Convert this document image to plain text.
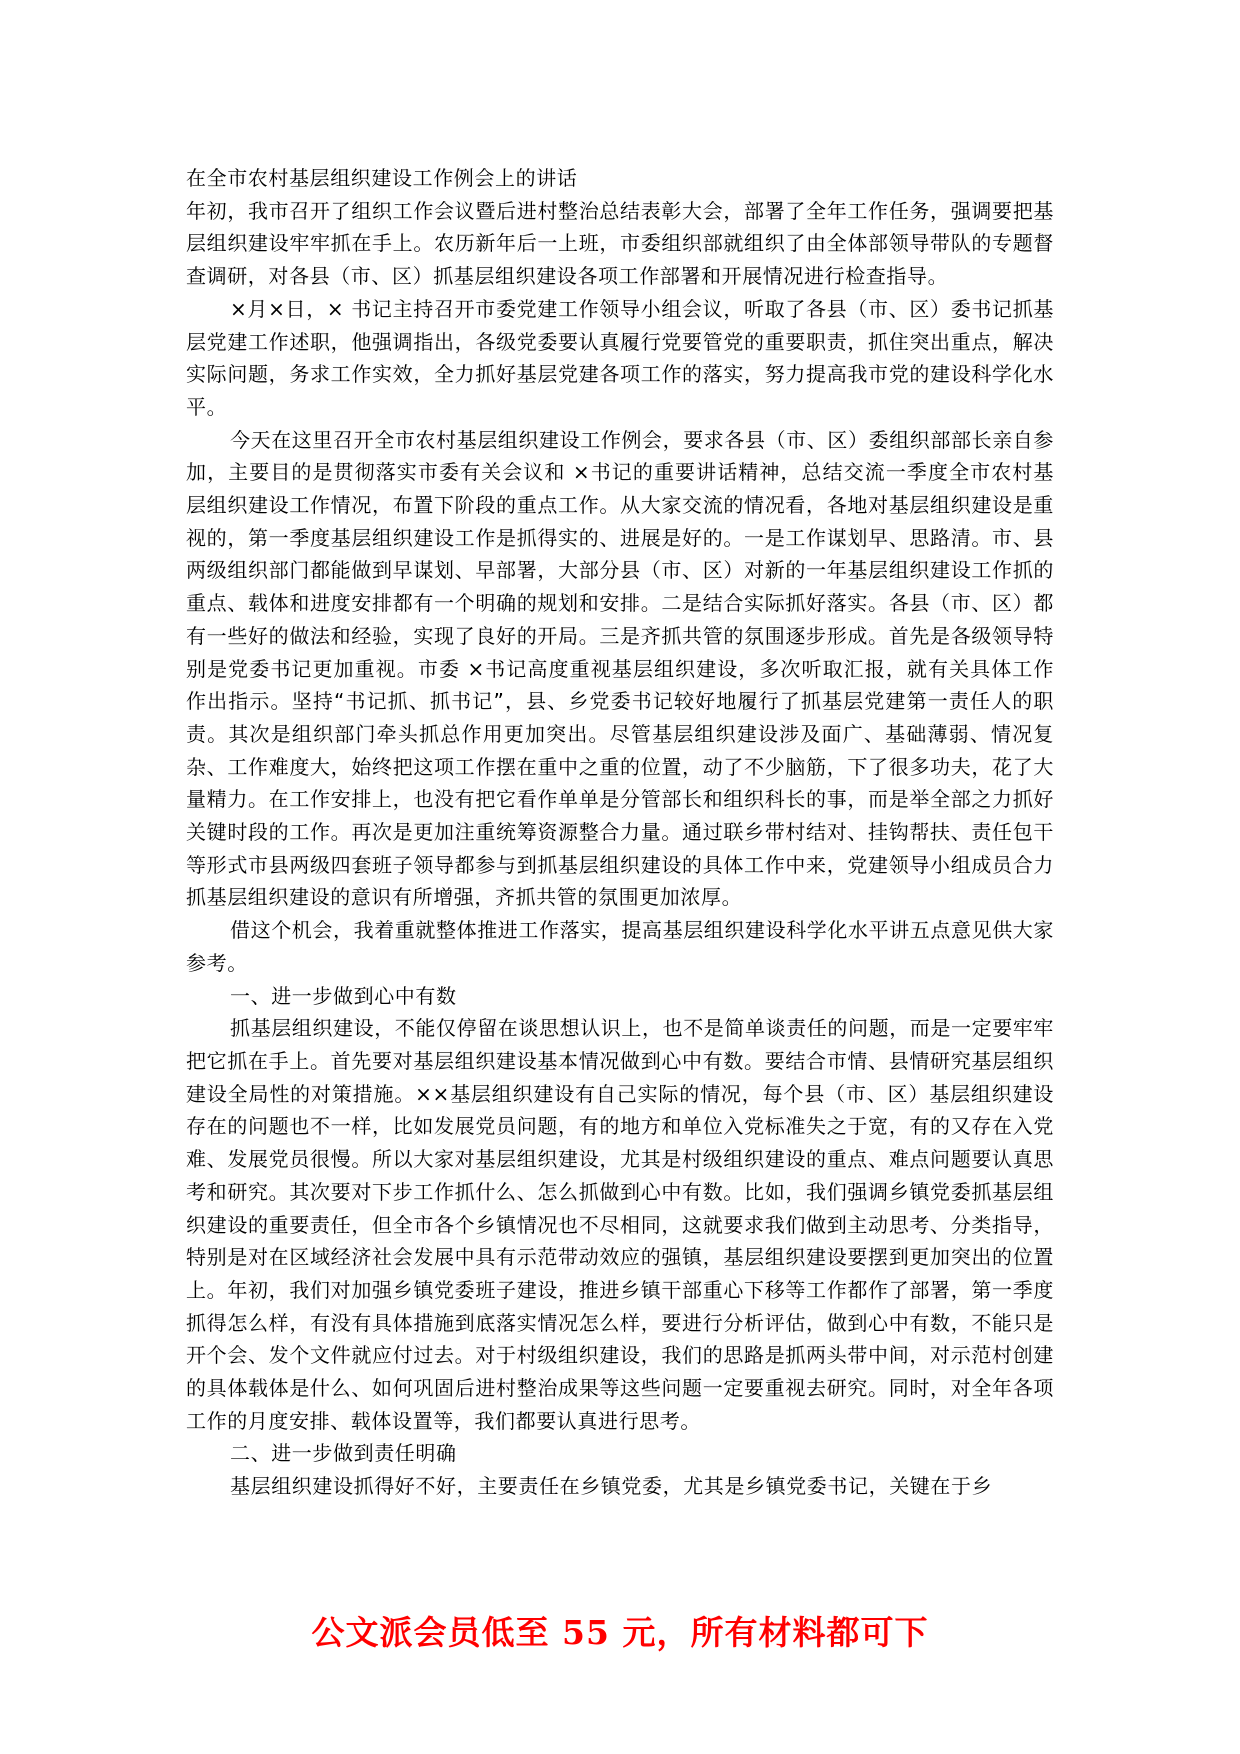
在全市农村基层组织建设工作例会上的讲话

年初，我市召开了组织工作会议暨后进村整治总结表彰大会，部署了全年工作任务，强调要把基层组织建设牢牢抓在手上。农历新年后一上班，市委组织部就组织了由全体部领导带队的专题督查调研，对各县（市、区）抓基层组织建设各项工作部署和开展情况进行检查指导。

×月×日，× 书记主持召开市委党建工作领导小组会议，听取了各县（市、区）委书记抓基层党建工作述职，他强调指出，各级党委要认真履行党要管党的重要职责，抓住突出重点，解决实际问题，务求工作实效，全力抓好基层党建各项工作的落实，努力提高我市党的建设科学化水平。

今天在这里召开全市农村基层组织建设工作例会，要求各县（市、区）委组织部部长亲自参加，主要目的是贯彻落实市委有关会议和 ×书记的重要讲话精神，总结交流一季度全市农村基层组织建设工作情况，布置下阶段的重点工作。从大家交流的情况看，各地对基层组织建设是重视的，第一季度基层组织建设工作是抓得实的、进展是好的。一是工作谋划早、思路清。市、县两级组织部门都能做到早谋划、早部署，大部分县（市、区）对新的一年基层组织建设工作抓的重点、载体和进度安排都有一个明确的规划和安排。二是结合实际抓好落实。各县（市、区）都有一些好的做法和经验，实现了良好的开局。三是齐抓共管的氛围逐步形成。首先是各级领导特别是党委书记更加重视。市委 ×书记高度重视基层组织建设，多次听取汇报，就有关具体工作作出指示。坚持“书记抓、抓书记”，县、乡党委书记较好地履行了抓基层党建第一责任人的职责。其次是组织部门牵头抓总作用更加突出。尽管基层组织建设涉及面广、基础薄弱、情况复杂、工作难度大，始终把这项工作摆在重中之重的位置，动了不少脑筋，下了很多功夫，花了大量精力。在工作安排上，也没有把它看作单单是分管部长和组织科长的事，而是举全部之力抓好关键时段的工作。再次是更加注重统筹资源整合力量。通过联乡带村结对、挂钩帮扶、责任包干等形式市县两级四套班子领导都参与到抓基层组织建设的具体工作中来，党建领导小组成员合力抓基层组织建设的意识有所增强，齐抓共管的氛围更加浓厚。

借这个机会，我着重就整体推进工作落实，提高基层组织建设科学化水平讲五点意见供大家参考。

一、进一步做到心中有数

抓基层组织建设，不能仅停留在谈思想认识上，也不是简单谈责任的问题，而是一定要牢牢把它抓在手上。首先要对基层组织建设基本情况做到心中有数。要结合市情、县情研究基层组织建设全局性的对策措施。××基层组织建设有自己实际的情况，每个县（市、区）基层组织建设存在的问题也不一样，比如发展党员问题，有的地方和单位入党标准失之于宽，有的又存在入党难、发展党员很慢。所以大家对基层组织建设，尤其是村级组织建设的重点、难点问题要认真思考和研究。其次要对下步工作抓什么、怎么抓做到心中有数。比如，我们强调乡镇党委抓基层组织建设的重要责任，但全市各个乡镇情况也不尽相同，这就要求我们做到主动思考、分类指导，特别是对在区域经济社会发展中具有示范带动效应的强镇，基层组织建设要摆到更加突出的位置上。年初，我们对加强乡镇党委班子建设，推进乡镇干部重心下移等工作都作了部署，第一季度抓得怎么样，有没有具体措施到底落实情况怎么样，要进行分析评估，做到心中有数，不能只是开个会、发个文件就应付过去。对于村级组织建设，我们的思路是抓两头带中间，对示范村创建的具体载体是什么、如何巩固后进村整治成果等这些问题一定要重视去研究。同时，对全年各项工作的月度安排、载体设置等，我们都要认真进行思考。

二、进一步做到责任明确

基层组织建设抓得好不好，主要责任在乡镇党委，尤其是乡镇党委书记，关键在于乡

公文派会员低至 55 元，所有材料都可下
